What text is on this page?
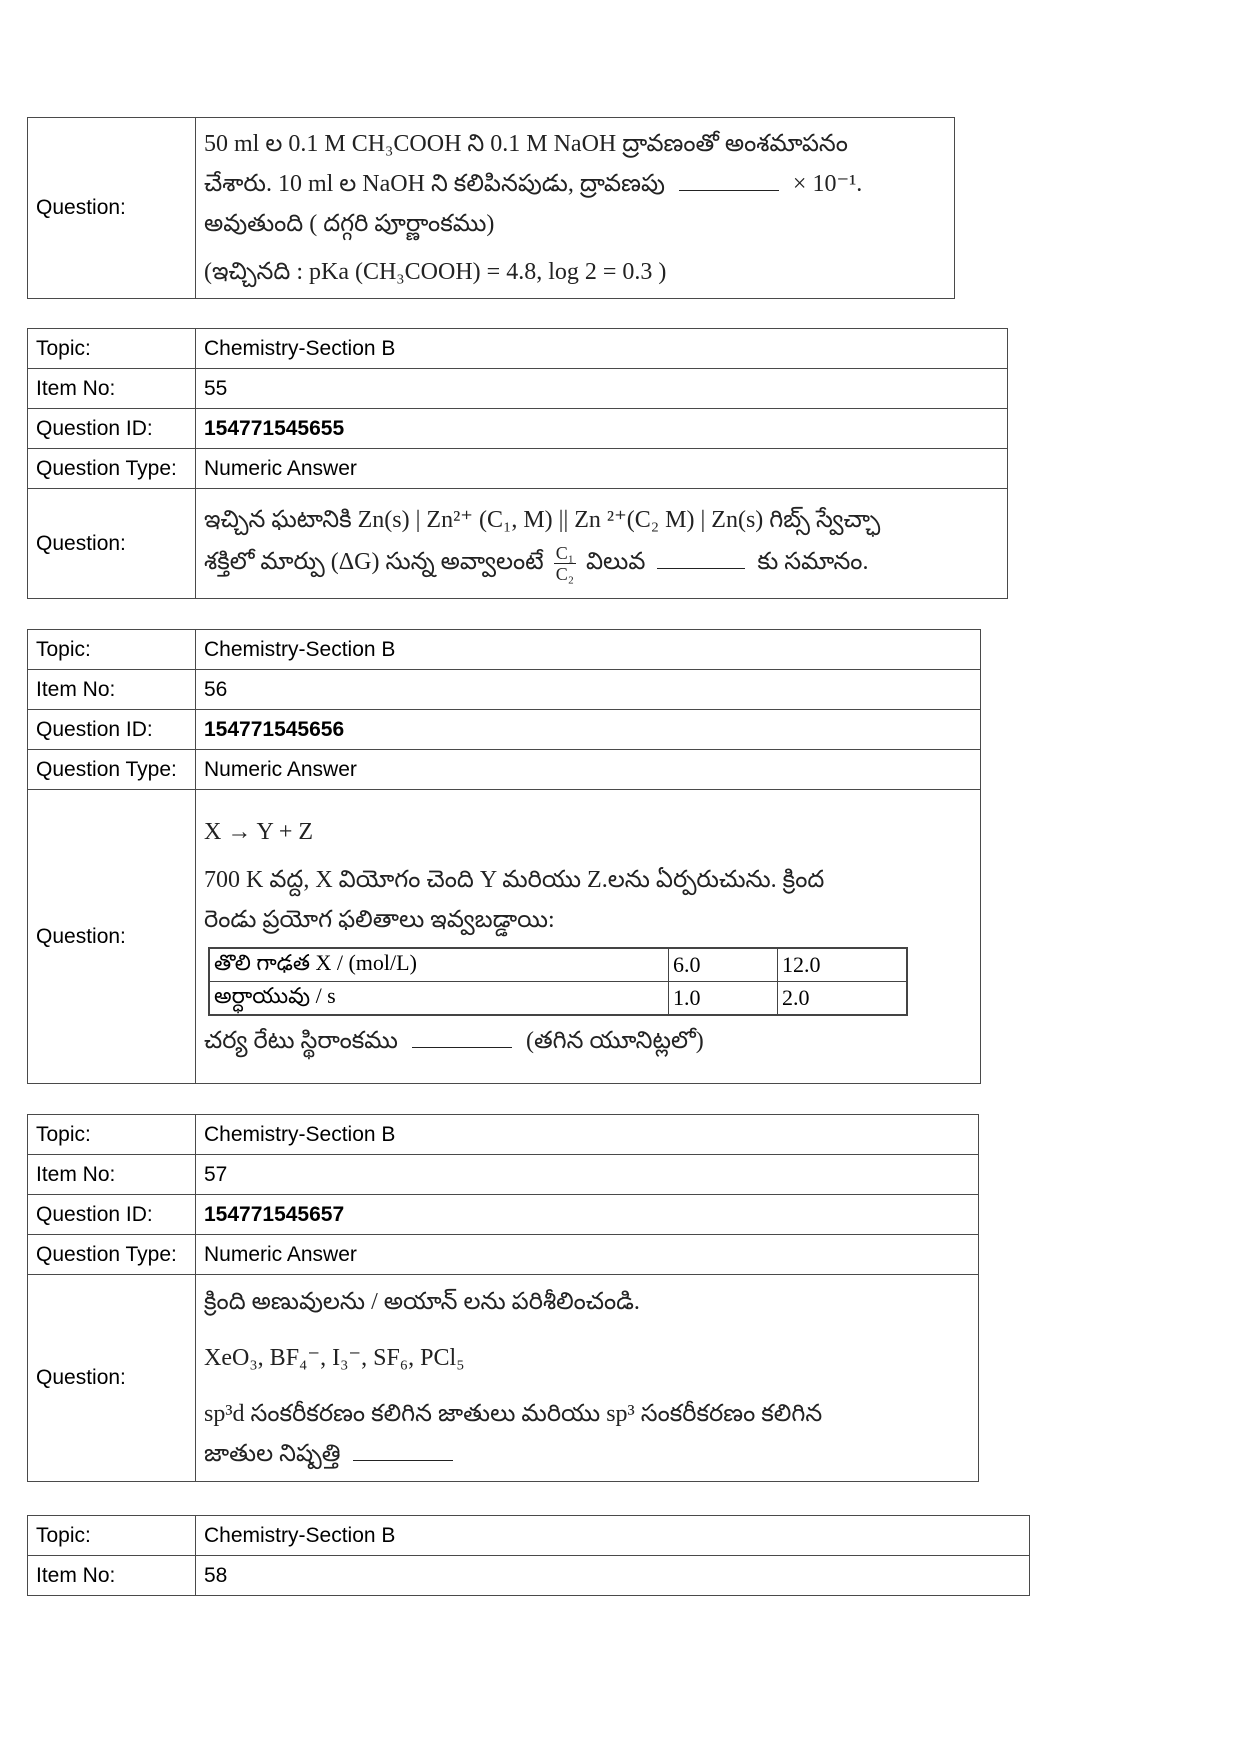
Question:	
50 ml ల 0.1 M CH₃COOH ని 0.1 M NaOH ద్రావణంతో అంశమాపనం
చేశారు. 10 ml ల NaOH ని కలిపినపుడు, ద్రావణపు	× 10⁻¹.
అవుతుంది ( దగ్గరి పూర్ణాంకము)
(ఇచ్చినది : pKa (CH₃COOH) = 4.8, log 2 = 0.3 )
Topic:	Chemistry-Section B
Item No:	55
Question ID:	154771545655
Question Type:	Numeric Answer
Question:	ఇచ్చిన ఘటానికి Zn(s) | Zn²⁺ (C₁, M) || Zn ²⁺(C₂ M) | Zn(s) గిబ్స్ స్వేచ్ఛా
శక్తిలో మార్పు (ΔG) సున్న అవ్వాలంటే $\frac{\text{C₁}}{\text{C₂}}$ విలువ కు సమానం.
Topic:	Chemistry-Section B
Item No:	56
Question ID:	154771545656
Question Type:	Numeric Answer
Question:	
X → Y + Z
700 K వద్ద, X వియోగం చెంది Y మరియు Z.లను ఏర్పరుచును. క్రింద
రెండు ప్రయోగ ఫలితాలు ఇవ్వబడ్డాయి:
తొలి గాఢత X / (mol/L)	6.0	12.0
అర్ధాయువు / s	1.0	2.0
చర్య రేటు స్థిరాంకము	(తగిన యూనిట్లలో)
Topic:	Chemistry-Section B
Item No:	57
Question ID:	154771545657
Question Type:	Numeric Answer
Question:	క్రింది అణువులను / అయాన్ లను పరిశీలించండి.
XeO₃, BF₄⁻, I₃⁻, SF₆, PCl₅
sp³d సంకరీకరణం కలిగిన జాతులు మరియు sp³ సంకరీకరణం కలిగిన
జాతుల నిష్పత్తి
Topic:	Chemistry-Section B
Item No:	58
